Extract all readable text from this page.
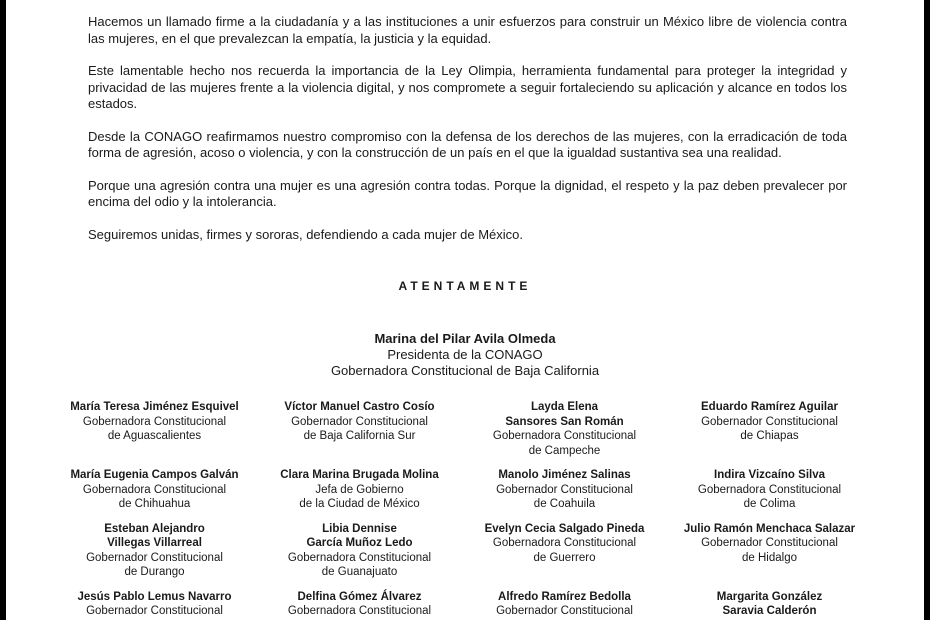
Hacemos un llamado firme a la ciudadanía y a las instituciones a unir esfuerzos para construir un México libre de violencia contra las mujeres, en el que prevalezcan la empatía, la justicia y la equidad.

Este lamentable hecho nos recuerda la importancia de la Ley Olimpia, herramienta fundamental para proteger la integridad y privacidad de las mujeres frente a la violencia digital, y nos compromete a seguir fortaleciendo su aplicación y alcance en todos los estados.

Desde la CONAGO reafirmamos nuestro compromiso con la defensa de los derechos de las mujeres, con la erradicación de toda forma de agresión, acoso o violencia, y con la construcción de un país en el que la igualdad sustantiva sea una realidad.

Porque una agresión contra una mujer es una agresión contra todas. Porque la dignidad, el respeto y la paz deben prevalecer por encima del odio y la intolerancia.

Seguiremos unidas, firmes y sororas, defendiendo a cada mujer de México.

ATENTAMENTE
Marina del Pilar Avila Olmeda
Presidenta de la CONAGO
Gobernadora Constitucional de Baja California
María Teresa Jiménez Esquivel
Gobernadora Constitucional
de Aguascalientes
Víctor Manuel Castro Cosío
Gobernador Constitucional
de Baja California Sur
Layda Elena
Sansores San Román
Gobernadora Constitucional
de Campeche
Eduardo Ramírez Aguilar
Gobernador Constitucional
de Chiapas
María Eugenia Campos Galván
Gobernadora Constitucional
de Chihuahua
Clara Marina Brugada Molina
Jefa de Gobierno
de la Ciudad de México
Manolo Jiménez Salinas
Gobernador Constitucional
de Coahuila
Indira Vizcaíno Silva
Gobernadora Constitucional
de Colima
Esteban Alejandro
Villegas Villarreal
Gobernador Constitucional
de Durango
Libia Dennise
García Muñoz Ledo
Gobernadora Constitucional
de Guanajuato
Evelyn Cecia Salgado Pineda
Gobernadora Constitucional
de Guerrero
Julio Ramón Menchaca Salazar
Gobernador Constitucional
de Hidalgo
Jesús Pablo Lemus Navarro
Gobernador Constitucional
Delfina Gómez Álvarez
Gobernadora Constitucional
Alfredo Ramírez Bedolla
Gobernador Constitucional
Margarita González
Saravia Calderón
